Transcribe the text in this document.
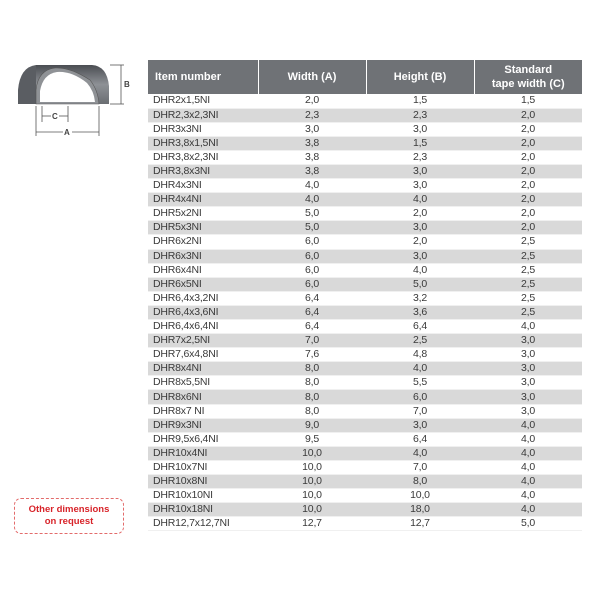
B
C
A
Other dimensions
on request
Item number	Width (A)	Height (B)	Standard
tape width (C)

DHR2x1,5NI	2,0	1,5	1,5
DHR2,3x2,3NI	2,3	2,3	2,0
DHR3x3NI	3,0	3,0	2,0
DHR3,8x1,5NI	3,8	1,5	2,0
DHR3,8x2,3NI	3,8	2,3	2,0
DHR3,8x3NI	3,8	3,0	2,0
DHR4x3NI	4,0	3,0	2,0
DHR4x4NI	4,0	4,0	2,0
DHR5x2NI	5,0	2,0	2,0
DHR5x3NI	5,0	3,0	2,0
DHR6x2NI	6,0	2,0	2,5
DHR6x3NI	6,0	3,0	2,5
DHR6x4NI	6,0	4,0	2,5
DHR6x5NI	6,0	5,0	2,5
DHR6,4x3,2NI	6,4	3,2	2,5
DHR6,4x3,6NI	6,4	3,6	2,5
DHR6,4x6,4NI	6,4	6,4	4,0
DHR7x2,5NI	7,0	2,5	3,0
DHR7,6x4,8NI	7,6	4,8	3,0
DHR8x4NI	8,0	4,0	3,0
DHR8x5,5NI	8,0	5,5	3,0
DHR8x6NI	8,0	6,0	3,0
DHR8x7 NI	8,0	7,0	3,0
DHR9x3NI	9,0	3,0	4,0
DHR9,5x6,4NI	9,5	6,4	4,0
DHR10x4NI	10,0	4,0	4,0
DHR10x7NI	10,0	7,0	4,0
DHR10x8NI	10,0	8,0	4,0
DHR10x10NI	10,0	10,0	4,0
DHR10x18NI	10,0	18,0	4,0
DHR12,7x12,7NI	12,7	12,7	5,0
